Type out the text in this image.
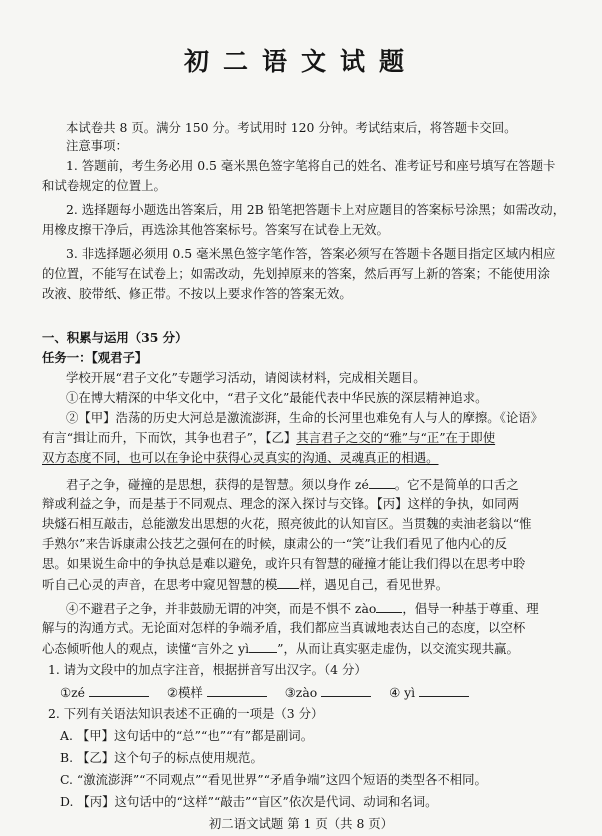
初二语文试题
本试卷共 8 页。满分 150 分。考试用时 120 分钟。考试结束后，将答题卡交回。
注意事项：
1. 答题前，考生务必用 0.5 毫米黑色签字笔将自己的姓名、准考证号和座号填写在答题卡
和试卷规定的位置上。
2. 选择题每小题选出答案后，用 2B 铅笔把答题卡上对应题目的答案标号涂黑；如需改动，
用橡皮擦干净后，再选涂其他答案标号。答案写在试卷上无效。
3. 非选择题必须用 0.5 毫米黑色签字笔作答，答案必须写在答题卡各题目指定区域内相应
的位置，不能写在试卷上；如需改动，先划掉原来的答案，然后再写上新的答案；不能使用涂
改液、胶带纸、修正带。不按以上要求作答的答案无效。
一、积累与运用（35 分）
任务一：【观君子】
学校开展“君子文化”专题学习活动，请阅读材料，完成相关题目。
①在博大精深的中华文化中，“君子文化”最能代表中华民族的深层精神追求。
②【甲】浩荡的历史大河总是激流澎湃，生命的长河里也难免有人与人的摩擦。《论语》
有言“揖让而升，下而饮，其争也君子”，【乙】其言君子之交的“雅”与“正”在于即使
双方态度不同，也可以在争论中获得心灵真实的沟通、灵魂真正的相遇。
君子之争，碰撞的是思想，获得的是智慧。须以身作 zé 。它不是简单的口舌之
辩或利益之争，而是基于不同观点、理念的深入探讨与交锋。【丙】这样的争执，如同两
块燧石相互敲击，总能激发出思想的火花，照亮彼此的认知盲区。当贯魏的卖油老翁以“惟
手熟尔”来告诉康肃公技艺之强何在的时候，康肃公的一“笑”让我们看见了他内心的反
思。如果说生命中的争执总是难以避免，或许只有智慧的碰撞才能让我们得以在思考中聆
听自己心灵的声音，在思考中窥见智慧的模 样，遇见自己，看见世界。
④不避君子之争，并非鼓励无谓的冲突，而是不惧不 zào ，倡导一种基于尊重、理
解与的沟通方式。无论面对怎样的争端矛盾，我们都应当真诚地表达自己的态度，以空杯
心态倾听他人的观点，读懂“言外之 yì ”，从而让真实驱走虚伪，以交流实现共赢。
1. 请为文段中的加点字注音，根据拼音写出汉字。（4 分）
①zé	②模样	③zào	④ yì
2. 下列有关语法知识表述不正确的一项是（3 分）
A. 【甲】这句话中的“总”“也”“有”都是副词。
B. 【乙】这个句子的标点使用规范。
C. “激流澎湃”“不同观点”“看见世界”“矛盾争端”这四个短语的类型各不相同。
D. 【丙】这句话中的“这样”“敲击”“盲区”依次是代词、动词和名词。
初二语文试题 第 1 页（共 8 页）
